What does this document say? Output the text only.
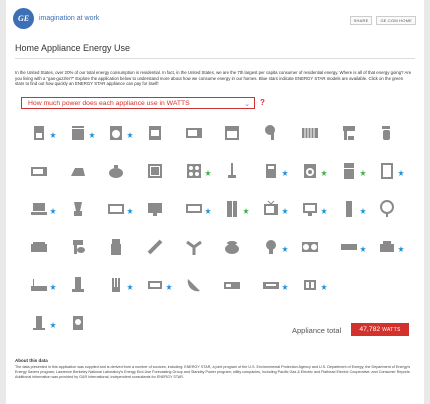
GE	imagination at work	SHARE	GE.COM HOME
Home Appliance Energy Use
In the United States, over 20% of our total energy consumption is residential. In fact, in the United States, we are the 7th largest per capita consumer of residential energy. Where is all of that energy going? Are you living with a "gas-guzzler?" Explore the application below to understand more about how we consume energy in our homes. Blue stars indicate ENERGY STAR models are available. Click on the green stars to find out how quickly an ENERGY STAR appliance can pay for itself!
How much power does each appliance use in WATTS	⌄ ?
Appliance total	47,782 WATTS
About this data
The data presented in this application was supplied and is derived from a number of sources, including: ENERGY STAR, a joint program of the U.S. Environmental Protection Agency and U.S. Department of Energy; the Department of Energy's Energy Savers program; Lawrence Berkeley National Laboratory's Energy End-Use Forecasting Group and Standby Power program; utility companies, including Pacific Gas & Electric and Flathead Electric Cooperative; and Consumer Reports. Additional information was provided by G&R International, independent consultants for ENERGY STAR.
